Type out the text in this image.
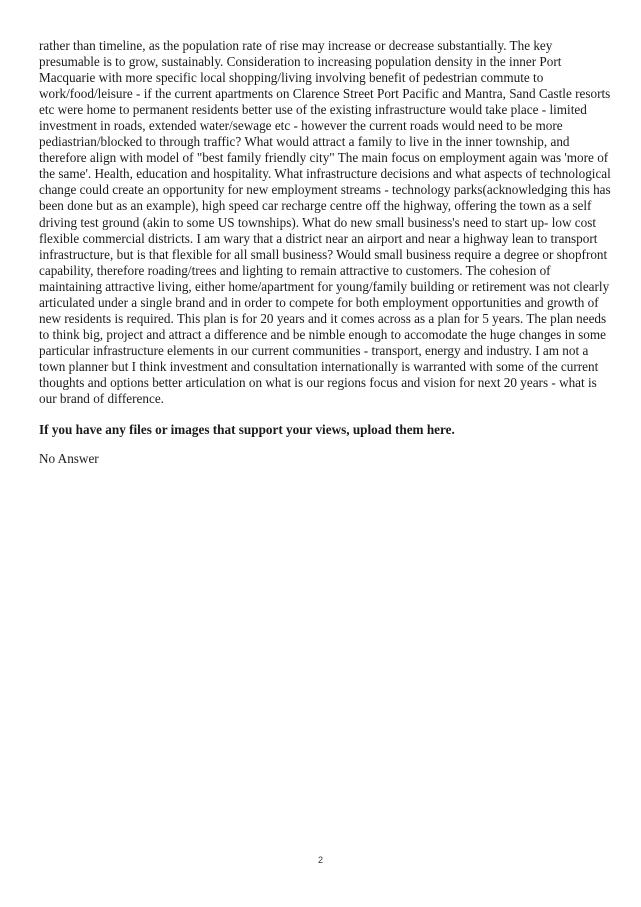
rather than timeline, as the population rate of rise may increase or decrease substantially. The key
presumable is to grow, sustainably. Consideration to increasing population density in the inner Port
Macquarie with more specific local shopping/living involving benefit of pedestrian commute to
work/food/leisure - if the current apartments on Clarence Street Port Pacific and Mantra, Sand Castle resorts
etc were home to permanent residents better use of the existing infrastructure would take place - limited
investment in roads, extended water/sewage etc - however the current roads would need to be more
pediastrian/blocked to through traffic? What would attract a family to live in the inner township, and
therefore align with model of "best family friendly city" The main focus on employment again was 'more of
the same'. Health, education and hospitality. What infrastructure decisions and what aspects of technological
change could create an opportunity for new employment streams - technology parks(acknowledging this has
been done but as an example), high speed car recharge centre off the highway, offering the town as a self
driving test ground (akin to some US townships). What do new small business's need to start up- low cost
flexible commercial districts. I am wary that a district near an airport and near a highway lean to transport
infrastructure, but is that flexible for all small business? Would small business require a degree or shopfront
capability, therefore roading/trees and lighting to remain attractive to customers. The cohesion of
maintaining attractive living, either home/apartment for young/family building or retirement was not clearly
articulated under a single brand and in order to compete for both employment opportunities and growth of
new residents is required. This plan is for 20 years and it comes across as a plan for 5 years. The plan needs
to think big, project and attract a difference and be nimble enough to accomodate the huge changes in some
particular infrastructure elements in our current communities - transport, energy and industry. I am not a
town planner but I think investment and consultation internationally is warranted with some of the current
thoughts and options better articulation on what is our regions focus and vision for next 20 years - what is
our brand of difference.

If you have any files or images that support your views, upload them here.

No Answer

2
